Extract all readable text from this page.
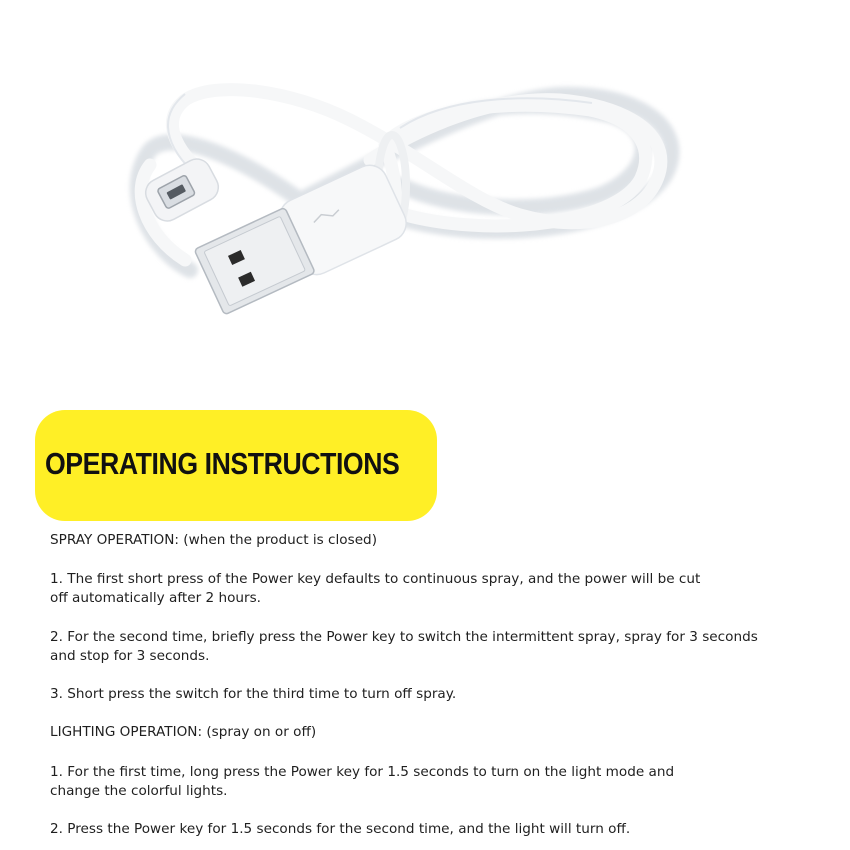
OPERATING INSTRUCTIONS
SPRAY OPERATION: (when the product is closed)
1. The first short press of the Power key defaults to continuous spray, and the power will be cut
off automatically after 2 hours.
2. For the second time, briefly press the Power key to switch the intermittent spray, spray for 3 seconds
and stop for 3 seconds.
3. Short press the switch for the third time to turn off spray.
LIGHTING OPERATION: (spray on or off)
1. For the first time, long press the Power key for 1.5 seconds to turn on the light mode and
change the colorful lights.
2. Press the Power key for 1.5 seconds for the second time, and the light will turn off.
